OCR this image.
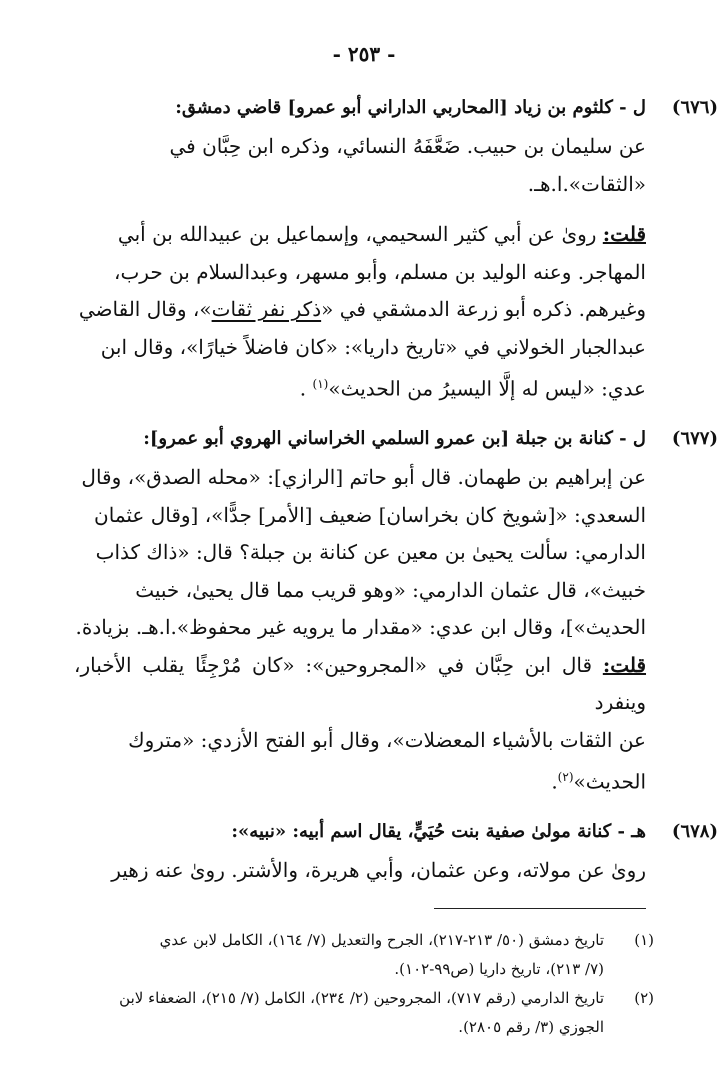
- ٢٥٣ -
(٦٧٦)
ل - كلثوم بن زياد [المحاربي الداراني أبو عمرو] قاضي دمشق:

عن سليمان بن حبيب. ضَعَّفَهُ النسائي، وذكره ابن حِبَّان في

«الثقات».ا.هـ.

قلت: روىٰ عن أبي كثير السحيمي، وإسماعيل بن عبيدالله بن أبي

المهاجر. وعنه الوليد بن مسلم، وأبو مسهر، وعبدالسلام بن حرب،

وغيرهم. ذكره أبو زرعة الدمشقي في «ذكر نفر ثقات»، وقال القاضي

عبدالجبار الخولاني في «تاريخ داريا»: «كان فاضلاً خيارًا»، وقال ابن

عدي: «ليس له إلَّا اليسيرُ من الحديث»$^{(١)}$ .

(٦٧٧)
ل - كنانة بن جبلة [بن عمرو السلمي الخراساني الهروي أبو عمرو]:

عن إبراهيم بن طهمان. قال أبو حاتم [الرازي]: «محله الصدق»، وقال

السعدي: «[شويخ كان بخراسان] ضعيف [الأمر] جدًّا»، [وقال عثمان

الدارمي: سألت يحيىٰ بن معين عن كنانة بن جبلة؟ قال: «ذاك كذاب

خبيث»، قال عثمان الدارمي: «وهو قريب مما قال يحيىٰ، خبيث

الحديث»]، وقال ابن عدي: «مقدار ما يرويه غير محفوظ».ا.هـ. بزيادة.

قلت: قال ابن حِبَّان في «المجروحين»: «كان مُرْجِئًا يقلب الأخبار، وينفرد

عن الثقات بالأشياء المعضلات»، وقال أبو الفتح الأزدي: «متروك

الحديث»$^{(٢)}$.

(٦٧٨)
هـ - كنانة مولىٰ صفية بنت حُيَيٍّ، يقال اسم أبيه: «نبيه»:

روىٰ عن مولاته، وعن عثمان، وأبي هريرة، والأشتر. روىٰ عنه زهير

(١)
تاريخ دمشق (٥٠/ ٢١٣-٢١٧)، الجرح والتعديل (٧/ ١٦٤)، الكامل لابن عدي
(٧/ ٢١٣)، تاريخ داريا (ص٩٩-١٠٢).
(٢)
تاريخ الدارمي (رقم ٧١٧)، المجروحين (٢/ ٢٣٤)، الكامل (٧/ ٢١٥)، الضعفاء لابن
الجوزي (٣/ رقم ٢٨٠٥).
